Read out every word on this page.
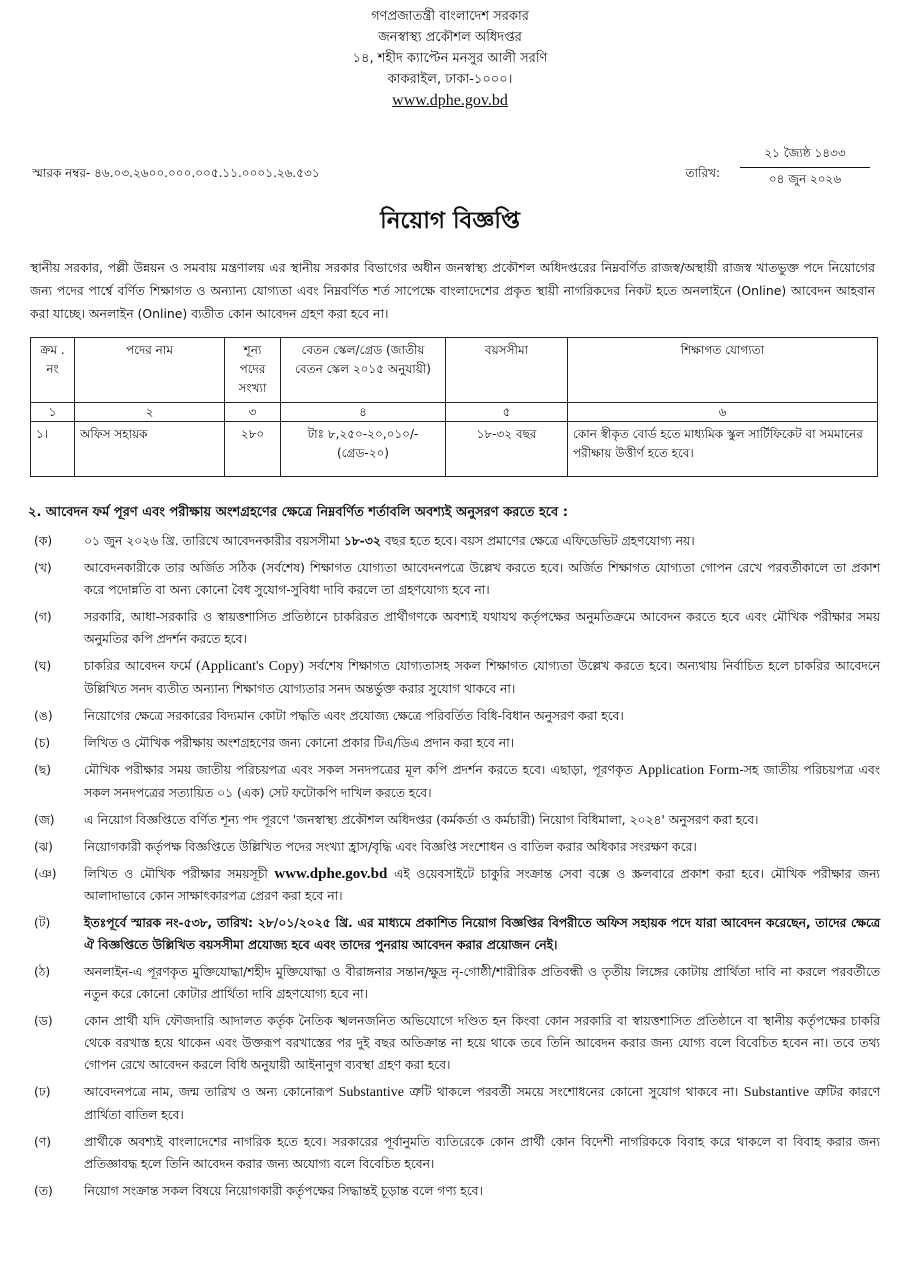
গণপ্রজাতন্ত্রী বাংলাদেশ সরকার
জনস্বাস্থ্য প্রকৌশল অধিদপ্তর
১৪, শহীদ ক্যাপ্টেন মনসুর আলী সরণি
কাকরাইল, ঢাকা-১০০০।
www.dphe.gov.bd
স্মারক নম্বর- ৪৬.০৩.২৬০০.০০০.০০৫.১১.০০০১.২৬.৫৩১	তারিখ:
২১ জ্যৈষ্ঠ ১৪৩৩
০৪ জুন ২০২৬
নিয়োগ বিজ্ঞপ্তি
স্থানীয় সরকার, পল্লী উন্নয়ন ও সমবায় মন্ত্রণালয় এর স্থানীয় সরকার বিভাগের অধীন জনস্বাস্থ্য প্রকৌশল অধিদপ্তরের নিম্নবর্ণিত রাজস্ব/অস্থায়ী রাজস্ব খাতভুক্ত পদে নিয়োগের জন্য পদের পার্শ্বে বর্ণিত শিক্ষাগত ও অন্যান্য যোগ্যতা এবং নিম্নবর্ণিত শর্ত সাপেক্ষে বাংলাদেশের প্রকৃত স্থায়ী নাগরিকদের নিকট হতে অনলাইনে (Online) আবেদন আহবান করা যাচ্ছে। অনলাইন (Online) ব্যতীত কোন আবেদন গ্রহণ করা হবে না।
ক্রম . নং	পদের নাম	শূন্য পদের সংখ্যা	বেতন স্কেল/গ্রেড (জাতীয় বেতন স্কেল ২০১৫ অনুযায়ী)	বয়সসীমা	শিক্ষাগত যোগ্যতা
১	২	৩	৪	৫	৬
১।	অফিস সহায়ক	২৮০	টাঃ ৮,২৫০-২০,০১০/- (গ্রেড-২০)	১৮-৩২ বছর	কোন স্বীকৃত বোর্ড হতে মাধ্যমিক স্কুল সার্টিফিকেট বা সমমানের পরীক্ষায় উত্তীর্ণ হতে হবে।
২. আবেদন ফর্ম পূরণ এবং পরীক্ষায় অংশগ্রহণের ক্ষেত্রে নিম্নবর্ণিত শর্তাবলি অবশ্যই অনুসরণ করতে হবে :
(ক)	০১ জুন ২০২৬ খ্রি. তারিখে আবেদনকারীর বয়সসীমা ১৮-৩২ বছর হতে হবে। বয়স প্রমাণের ক্ষেত্রে এফিডেভিট গ্রহণযোগ্য নয়।
(খ)	আবেদনকারীকে তার অর্জিত সঠিক (সর্বশেষ) শিক্ষাগত যোগ্যতা আবেদনপত্রে উল্লেখ করতে হবে। অর্জিত শিক্ষাগত যোগ্যতা গোপন রেখে পরবর্তীকালে তা প্রকাশ করে পদোন্নতি বা অন্য কোনো বৈধ সুযোগ-সুবিধা দাবি করলে তা গ্রহণযোগ্য হবে না।
(গ)	সরকারি, আধা-সরকারি ও স্বায়ত্তশাসিত প্রতিষ্ঠানে চাকরিরত প্রার্থীগণকে অবশ্যই যথাযথ কর্তৃপক্ষের অনুমতিক্রমে আবেদন করতে হবে এবং মৌখিক পরীক্ষার সময় অনুমতির কপি প্রদর্শন করতে হবে।
(ঘ)	চাকরির আবেদন ফর্মে (Applicant's Copy) সর্বশেষ শিক্ষাগত যোগ্যতাসহ সকল শিক্ষাগত যোগ্যতা উল্লেখ করতে হবে। অন্যথায় নির্বাচিত হলে চাকরির আবেদনে উল্লিখিত সনদ ব্যতীত অন্যান্য শিক্ষাগত যোগ্যতার সনদ অন্তর্ভুক্ত করার সুযোগ থাকবে না।
(ঙ)	নিয়োগের ক্ষেত্রে সরকারের বিদ্যমান কোটা পদ্ধতি এবং প্রযোজ্য ক্ষেত্রে পরিবর্তিত বিধি-বিধান অনুসরণ করা হবে।
(চ)	লিখিত ও মৌখিক পরীক্ষায় অংশগ্রহণের জন্য কোনো প্রকার টিএ/ডিএ প্রদান করা হবে না।
(ছ)	মৌখিক পরীক্ষার সময় জাতীয় পরিচয়পত্র এবং সকল সনদপত্রের মূল কপি প্রদর্শন করতে হবে। এছাড়া, পূরণকৃত Application Form-সহ জাতীয় পরিচয়পত্র এবং সকল সনদপত্রের সত্যায়িত ০১ (এক) সেট ফটোকপি দাখিল করতে হবে।
(জ)	এ নিয়োগ বিজ্ঞপ্তিতে বর্ণিত শূন্য পদ পূরণে 'জনস্বাস্থ্য প্রকৌশল অধিদপ্তর (কর্মকর্তা ও কর্মচারী) নিয়োগ বিধিমালা, ২০২৪' অনুসরণ করা হবে।
(ঝ)	নিয়োগকারী কর্তৃপক্ষ বিজ্ঞপ্তিতে উল্লিখিত পদের সংখ্যা হ্রাস/বৃদ্ধি এবং বিজ্ঞপ্তি সংশোধন ও বাতিল করার অধিকার সংরক্ষণ করে।
(ঞ)	লিখিত ও মৌখিক পরীক্ষার সময়সূচী www.dphe.gov.bd এই ওয়েবসাইটে চাকুরি সংক্রান্ত সেবা বক্সে ও স্ক্রলবারে প্রকাশ করা হবে। মৌখিক পরীক্ষার জন্য আলাদাভাবে কোন সাক্ষাৎকারপত্র প্রেরণ করা হবে না।
(ট)	ইতঃপূর্বে স্মারক নং-৫৩৮, তারিখ: ২৮/০১/২০২৫ খ্রি. এর মাধ্যমে প্রকাশিত নিয়োগ বিজ্ঞপ্তির বিপরীতে অফিস সহায়ক পদে যারা আবেদন করেছেন, তাদের ক্ষেত্রে ঐ বিজ্ঞপ্তিতে উল্লিখিত বয়সসীমা প্রযোজ্য হবে এবং তাদের পুনরায় আবেদন করার প্রয়োজন নেই।
(ঠ)	অনলাইন-এ পূরণকৃত মুক্তিযোদ্ধা/শহীদ মুক্তিযোদ্ধা ও বীরাঙ্গনার সন্তান/ক্ষুদ্র নৃ-গোষ্ঠী/শারীরিক প্রতিবন্ধী ও তৃতীয় লিঙ্গের কোটায় প্রার্থিতা দাবি না করলে পরবর্তীতে নতুন করে কোনো কোটার প্রার্থিতা দাবি গ্রহণযোগ্য হবে না।
(ড)	কোন প্রার্থী যদি ফৌজদারি আদালত কর্তৃক নৈতিক স্খলনজনিত অভিযোগে দণ্ডিত হন কিংবা কোন সরকারি বা স্বায়ত্তশাসিত প্রতিষ্ঠানে বা স্থানীয় কর্তৃপক্ষের চাকরি থেকে বরখাস্ত হয়ে থাকেন এবং উক্তরূপ বরখাস্তের পর দুই বছর অতিক্রান্ত না হয়ে থাকে তবে তিনি আবেদন করার জন্য যোগ্য বলে বিবেচিত হবেন না। তবে তথ্য গোপন রেখে আবেদন করলে বিধি অনুযায়ী আইনানুগ ব্যবস্থা গ্রহণ করা হবে।
(ঢ)	আবেদনপত্রে নাম, জন্ম তারিখ ও অন্য কোনোরূপ Substantive ত্রুটি থাকলে পরবর্তী সময়ে সংশোধনের কোনো সুযোগ থাকবে না। Substantive ত্রুটির কারণে প্রার্থিতা বাতিল হবে।
(ণ)	প্রার্থীকে অবশ্যই বাংলাদেশের নাগরিক হতে হবে। সরকারের পূর্বানুমতি ব্যতিরেকে কোন প্রার্থী কোন বিদেশী নাগরিককে বিবাহ করে থাকলে বা বিবাহ করার জন্য প্রতিজ্ঞাবদ্ধ হলে তিনি আবেদন করার জন্য অযোগ্য বলে বিবেচিত হবেন।
(ত)	নিয়োগ সংক্রান্ত সকল বিষয়ে নিয়োগকারী কর্তৃপক্ষের সিদ্ধান্তই চূড়ান্ত বলে গণ্য হবে।
